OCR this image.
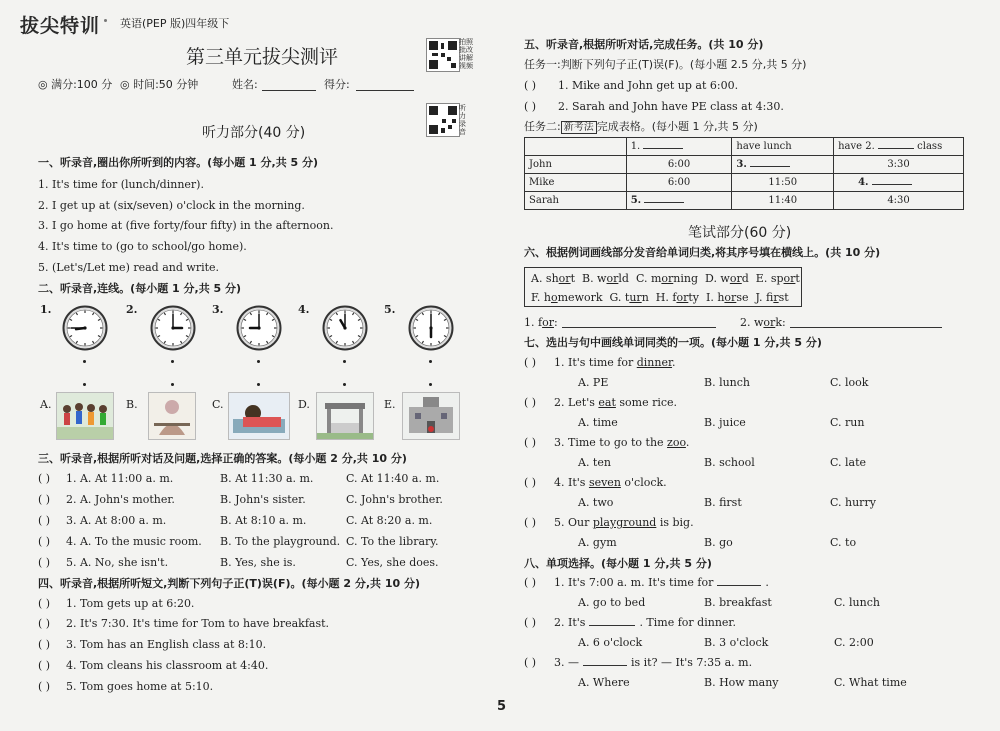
拔尖特训 英语(PEP 版)四年级下
第三单元拔尖测评
◎ 满分:100 分 ◎ 时间:50 分钟	姓名:	得分:
拍照批改 讲解视频
听力录音
听力部分(40 分)
一、听录音,圈出你所听到的内容。(每小题 1 分,共 5 分)
1. It's time for (lunch/dinner).
2. I get up at (six/seven) o'clock in the morning.
3. I go home at (five forty/four fifty) in the afternoon.
4. It's time to (go to school/go home).
5. (Let's/Let me) read and write.
二、听录音,连线。(每小题 1 分,共 5 分)
1.	2.	3.	4.	5.
A.	B.	C.	D.	E.
三、听录音,根据所听对话及问题,选择正确的答案。(每小题 2 分,共 10 分)
( ) 1. A. At 11:00 a. m.	B. At 11:30 a. m.	C. At 11:40 a. m.
( ) 2. A. John's mother.	B. John's sister.	C. John's brother.
( ) 3. A. At 8:00 a. m.	B. At 8:10 a. m.	C. At 8:20 a. m.
( ) 4. A. To the music room. B. To the playground. C. To the library.
( ) 5. A. No, she isn't.	B. Yes, she is.	C. Yes, she does.
四、听录音,根据所听短文,判断下列句子正(T)误(F)。(每小题 2 分,共 10 分)
5
五、听录音,根据所听对话,完成任务。(共 10 分)
任务一:判断下列句子正(T)误(F)。(每小题 2.5 分,共 5 分)
( ) 1. Mike and John get up at 6:00.
( ) 2. Sarah and John have PE class at 4:30.
任务二: 新考法 完成表格。(每小题 1 分,共 5 分)
	1.	have lunch	have 2. class
John	6:00	3.	3:30
Mike	6:00	11:50	4.
Sarah	5.	11:40	4:30
笔试部分(60 分)
六、根据例词画线部分发音给单词归类,将其序号填在横线上。(共 10 分)
A. short B. world C. morning D. word E. sport
F. homework G. turn H. forty I. horse J. first
1. for:	2. work:
七、选出与句中画线单词同类的一项。(每小题 1 分,共 5 分)
( ) 1. It's time for dinner.
A. PE	B. lunch	C. look
( ) 2. Let's eat some rice.
A. time	B. juice	C. run
( ) 3. Time to go to the zoo.
A. ten	B. school	C. late
( ) 4. It's seven o'clock.
A. two	B. first	C. hurry
( ) 5. Our playground is big.
A. gym	B. go	C. to
八、单项选择。(每小题 1 分,共 5 分)
( ) 1. It's 7:00 a. m. It's time for	.
A. go to bed	B. breakfast	C. lunch
( ) 2. It's	. Time for dinner.
A. 6 o'clock	B. 3 o'clock	C. 2:00
( ) 3. —	is it? — It's 7:35 a. m.
A. Where	B. How many	C. What time
( ) 1. Tom gets up at 6:20.
( ) 2. It's 7:30. It's time for Tom to have breakfast.
( ) 3. Tom has an English class at 8:10.
( ) 4. Tom cleans his classroom at 4:40.
( ) 5. Tom goes home at 5:10.
